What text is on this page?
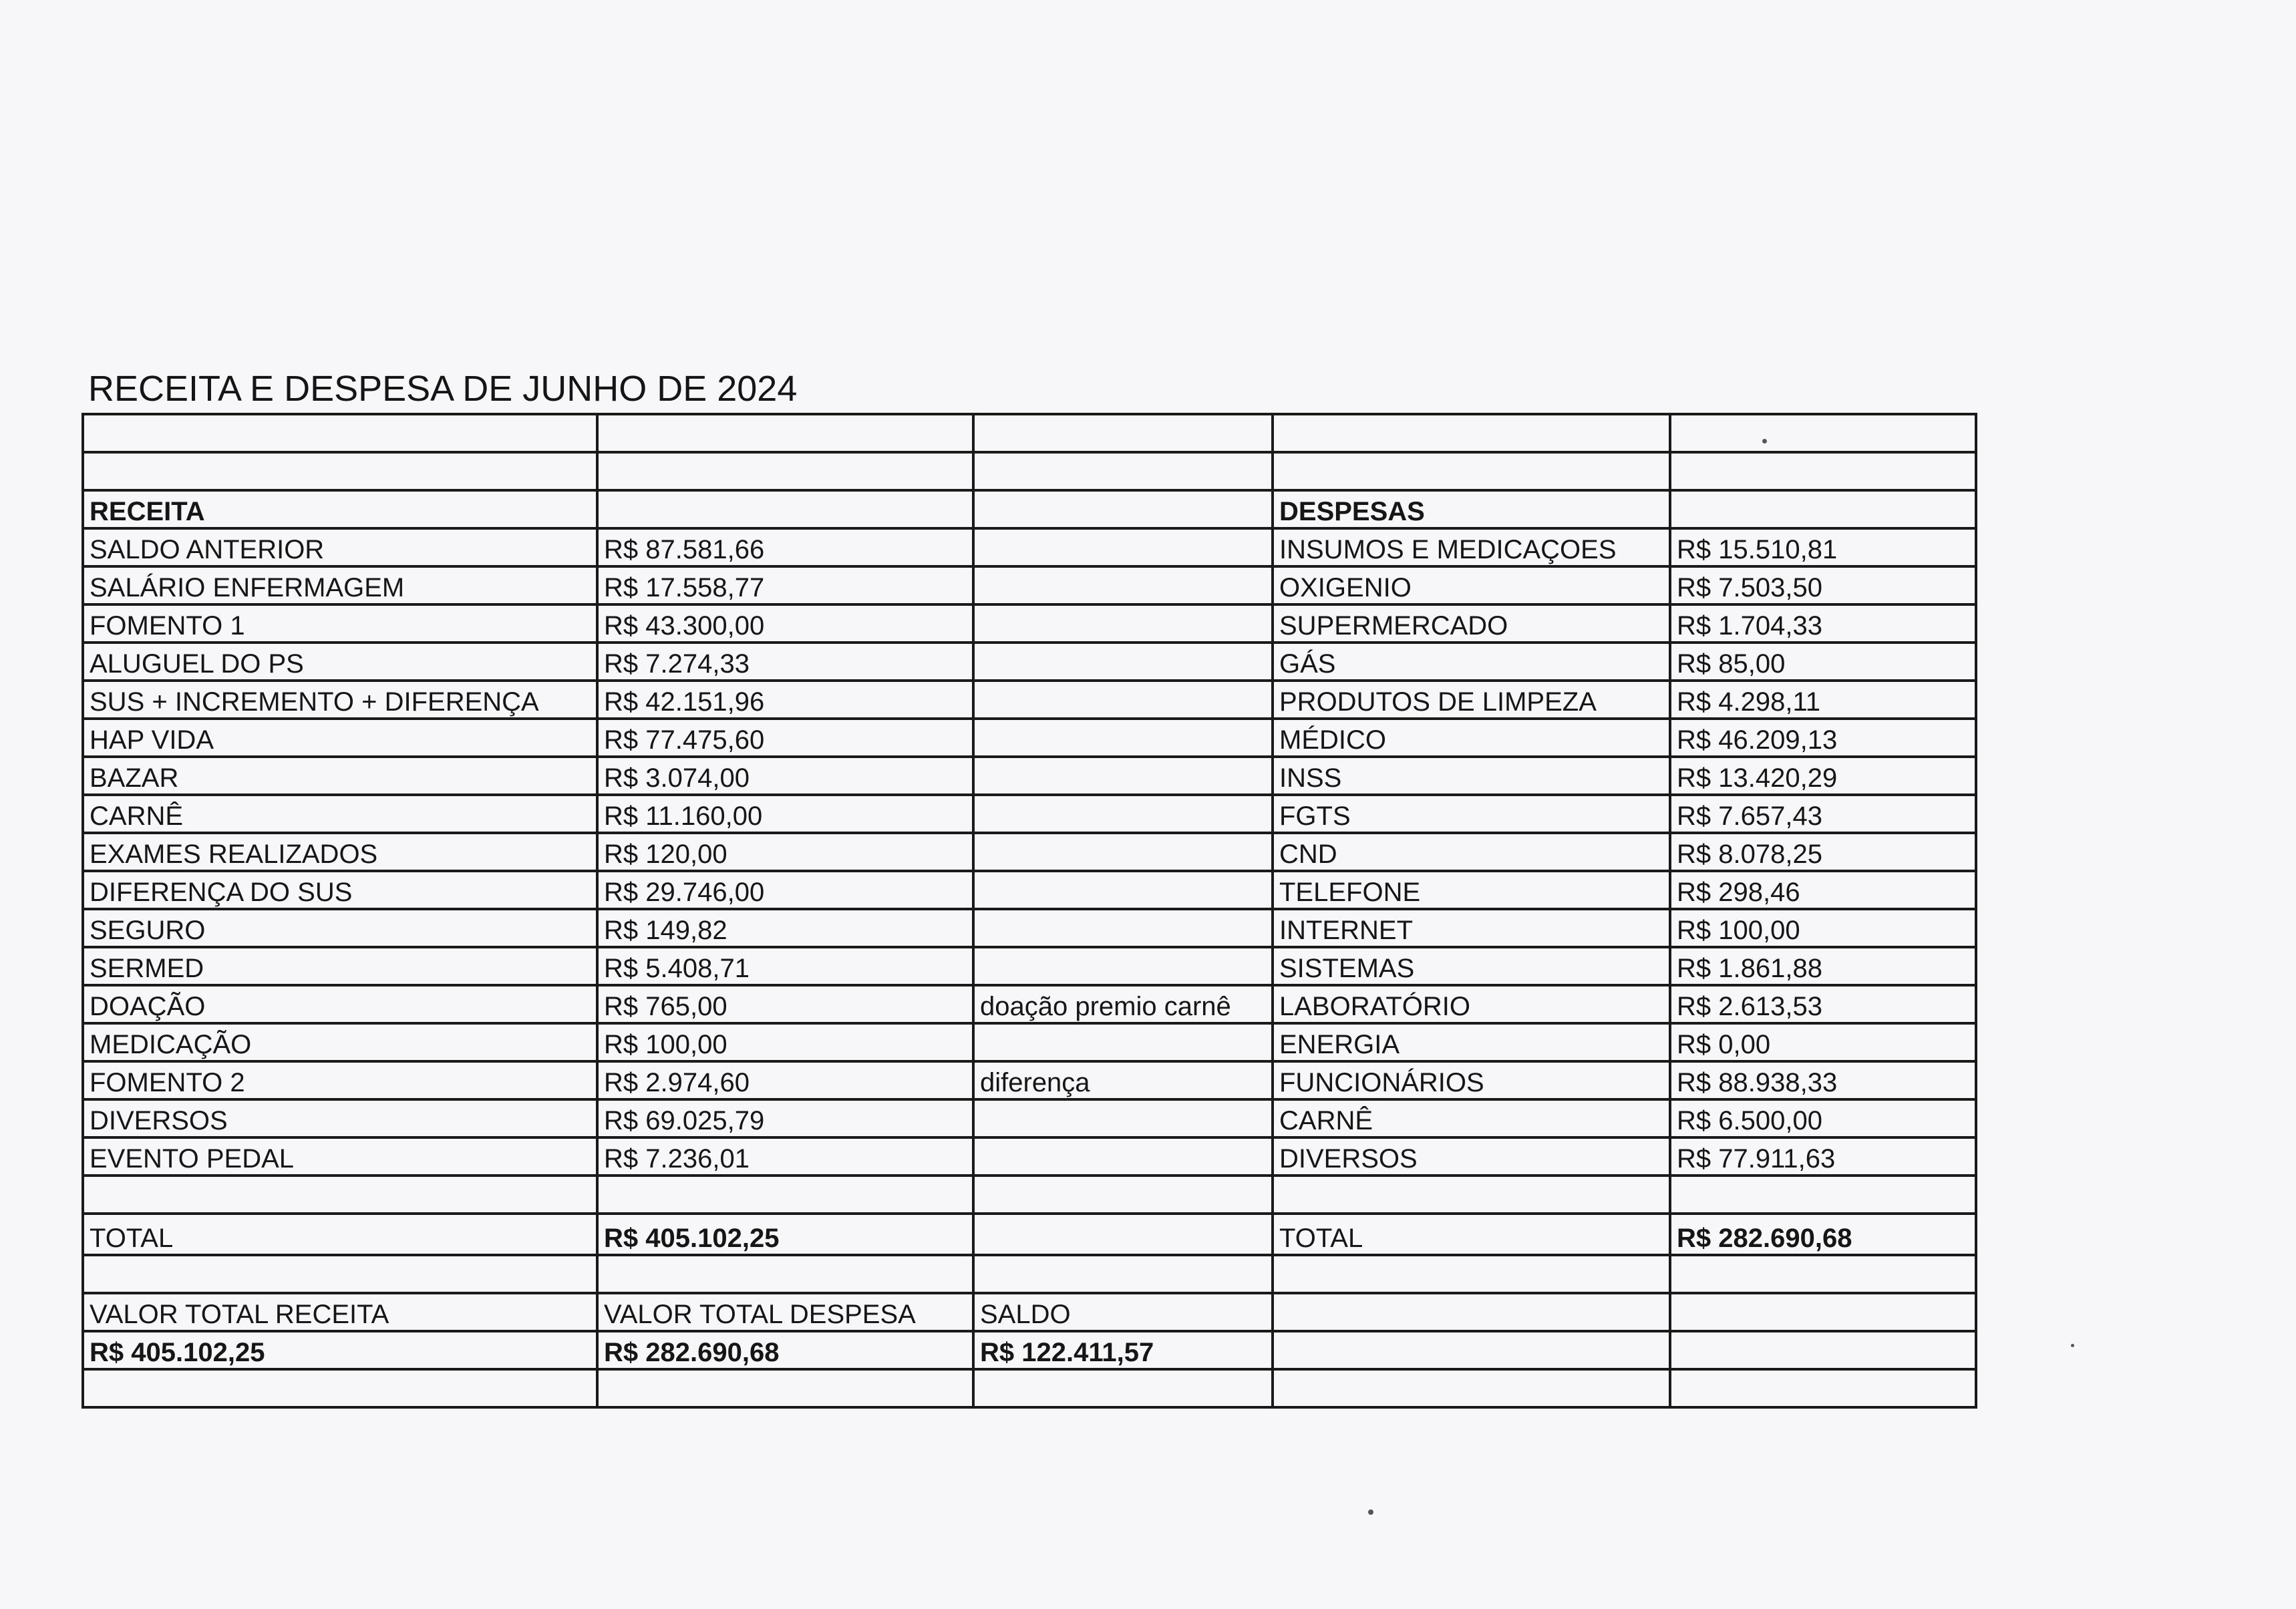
RECEITA E DESPESA DE JUNHO DE 2024

RECEITA			DESPESAS	
SALDO ANTERIOR	R$ 87.581,66		INSUMOS E MEDICAÇOES	R$ 15.510,81
SALÁRIO ENFERMAGEM	R$ 17.558,77		OXIGENIO	R$ 7.503,50
FOMENTO 1	R$ 43.300,00		SUPERMERCADO	R$ 1.704,33
ALUGUEL DO PS	R$ 7.274,33		GÁS	R$ 85,00
SUS + INCREMENTO + DIFERENÇA	R$ 42.151,96		PRODUTOS DE LIMPEZA	R$ 4.298,11
HAP VIDA	R$ 77.475,60		MÉDICO	R$ 46.209,13
BAZAR	R$ 3.074,00		INSS	R$ 13.420,29
CARNÊ	R$ 11.160,00		FGTS	R$ 7.657,43
EXAMES REALIZADOS	R$ 120,00		CND	R$ 8.078,25
DIFERENÇA DO SUS	R$ 29.746,00		TELEFONE	R$ 298,46
SEGURO	R$ 149,82		INTERNET	R$ 100,00
SERMED	R$ 5.408,71		SISTEMAS	R$ 1.861,88
DOAÇÃO	R$ 765,00	doação premio carnê	LABORATÓRIO	R$ 2.613,53
MEDICAÇÃO	R$ 100,00		ENERGIA	R$ 0,00
FOMENTO 2	R$ 2.974,60	diferença	FUNCIONÁRIOS	R$ 88.938,33
DIVERSOS	R$ 69.025,79		CARNÊ	R$ 6.500,00
EVENTO PEDAL	R$ 7.236,01		DIVERSOS	R$ 77.911,63

TOTAL	R$ 405.102,25		TOTAL	R$ 282.690,68

VALOR TOTAL RECEITA	VALOR TOTAL DESPESA	SALDO		
R$ 405.102,25	R$ 282.690,68	R$ 122.411,57		
